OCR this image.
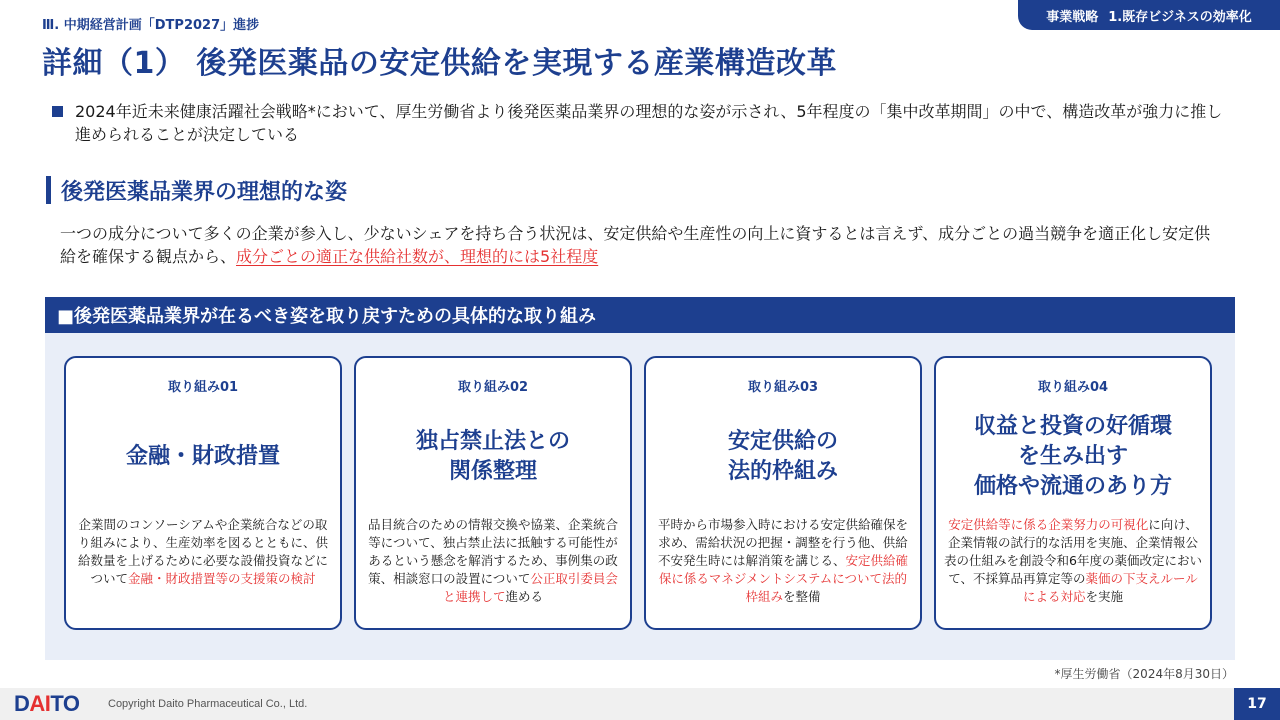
事業戦略 1.既存ビジネスの効率化
Ⅲ. 中期経営計画「DTP2027」進捗
詳細（1） 後発医薬品の安定供給を実現する産業構造改革
2024年近未来健康活躍社会戦略*において、厚生労働省より後発医薬品業界の理想的な姿が示され、5年程度の「集中改革期間」の中で、構造改革が強力に推し進められることが決定している
後発医薬品業界の理想的な姿
一つの成分について多くの企業が参入し、少ないシェアを持ち合う状況は、安定供給や生産性の向上に資するとは言えず、成分ごとの過当競争を適正化し安定供給を確保する観点から、成分ごとの適正な供給社数が、理想的には5社程度
■後発医薬品業界が在るべき姿を取り戻すための具体的な取り組み
取り組み01
金融・財政措置
企業間のコンソーシアムや企業統合などの取り組みにより、生産効率を図るとともに、供給数量を上げるために必要な設備投資などについて金融・財政措置等の支援策の検討
取り組み02
独占禁止法との
関係整理
品目統合のための情報交換や協業、企業統合等について、独占禁止法に抵触する可能性があるという懸念を解消するため、事例集の政策、相談窓口の設置について公正取引委員会と連携して進める
取り組み03
安定供給の
法的枠組み
平時から市場参入時における安定供給確保を求め、需給状況の把握・調整を行う他、供給不安発生時には解消策を講じる、安定供給確保に係るマネジメントシステムについて法的枠組みを整備
取り組み04
収益と投資の好循環
を生み出す
価格や流通のあり方
安定供給等に係る企業努力の可視化に向け、企業情報の試行的な活用を実施、企業情報公表の仕組みを創設令和6年度の薬価改定において、不採算品再算定等の薬価の下支えルールによる対応を実施
*厚生労働省（2024年8月30日）
DAITO	Copyright Daito Pharmaceutical Co., Ltd.	17
